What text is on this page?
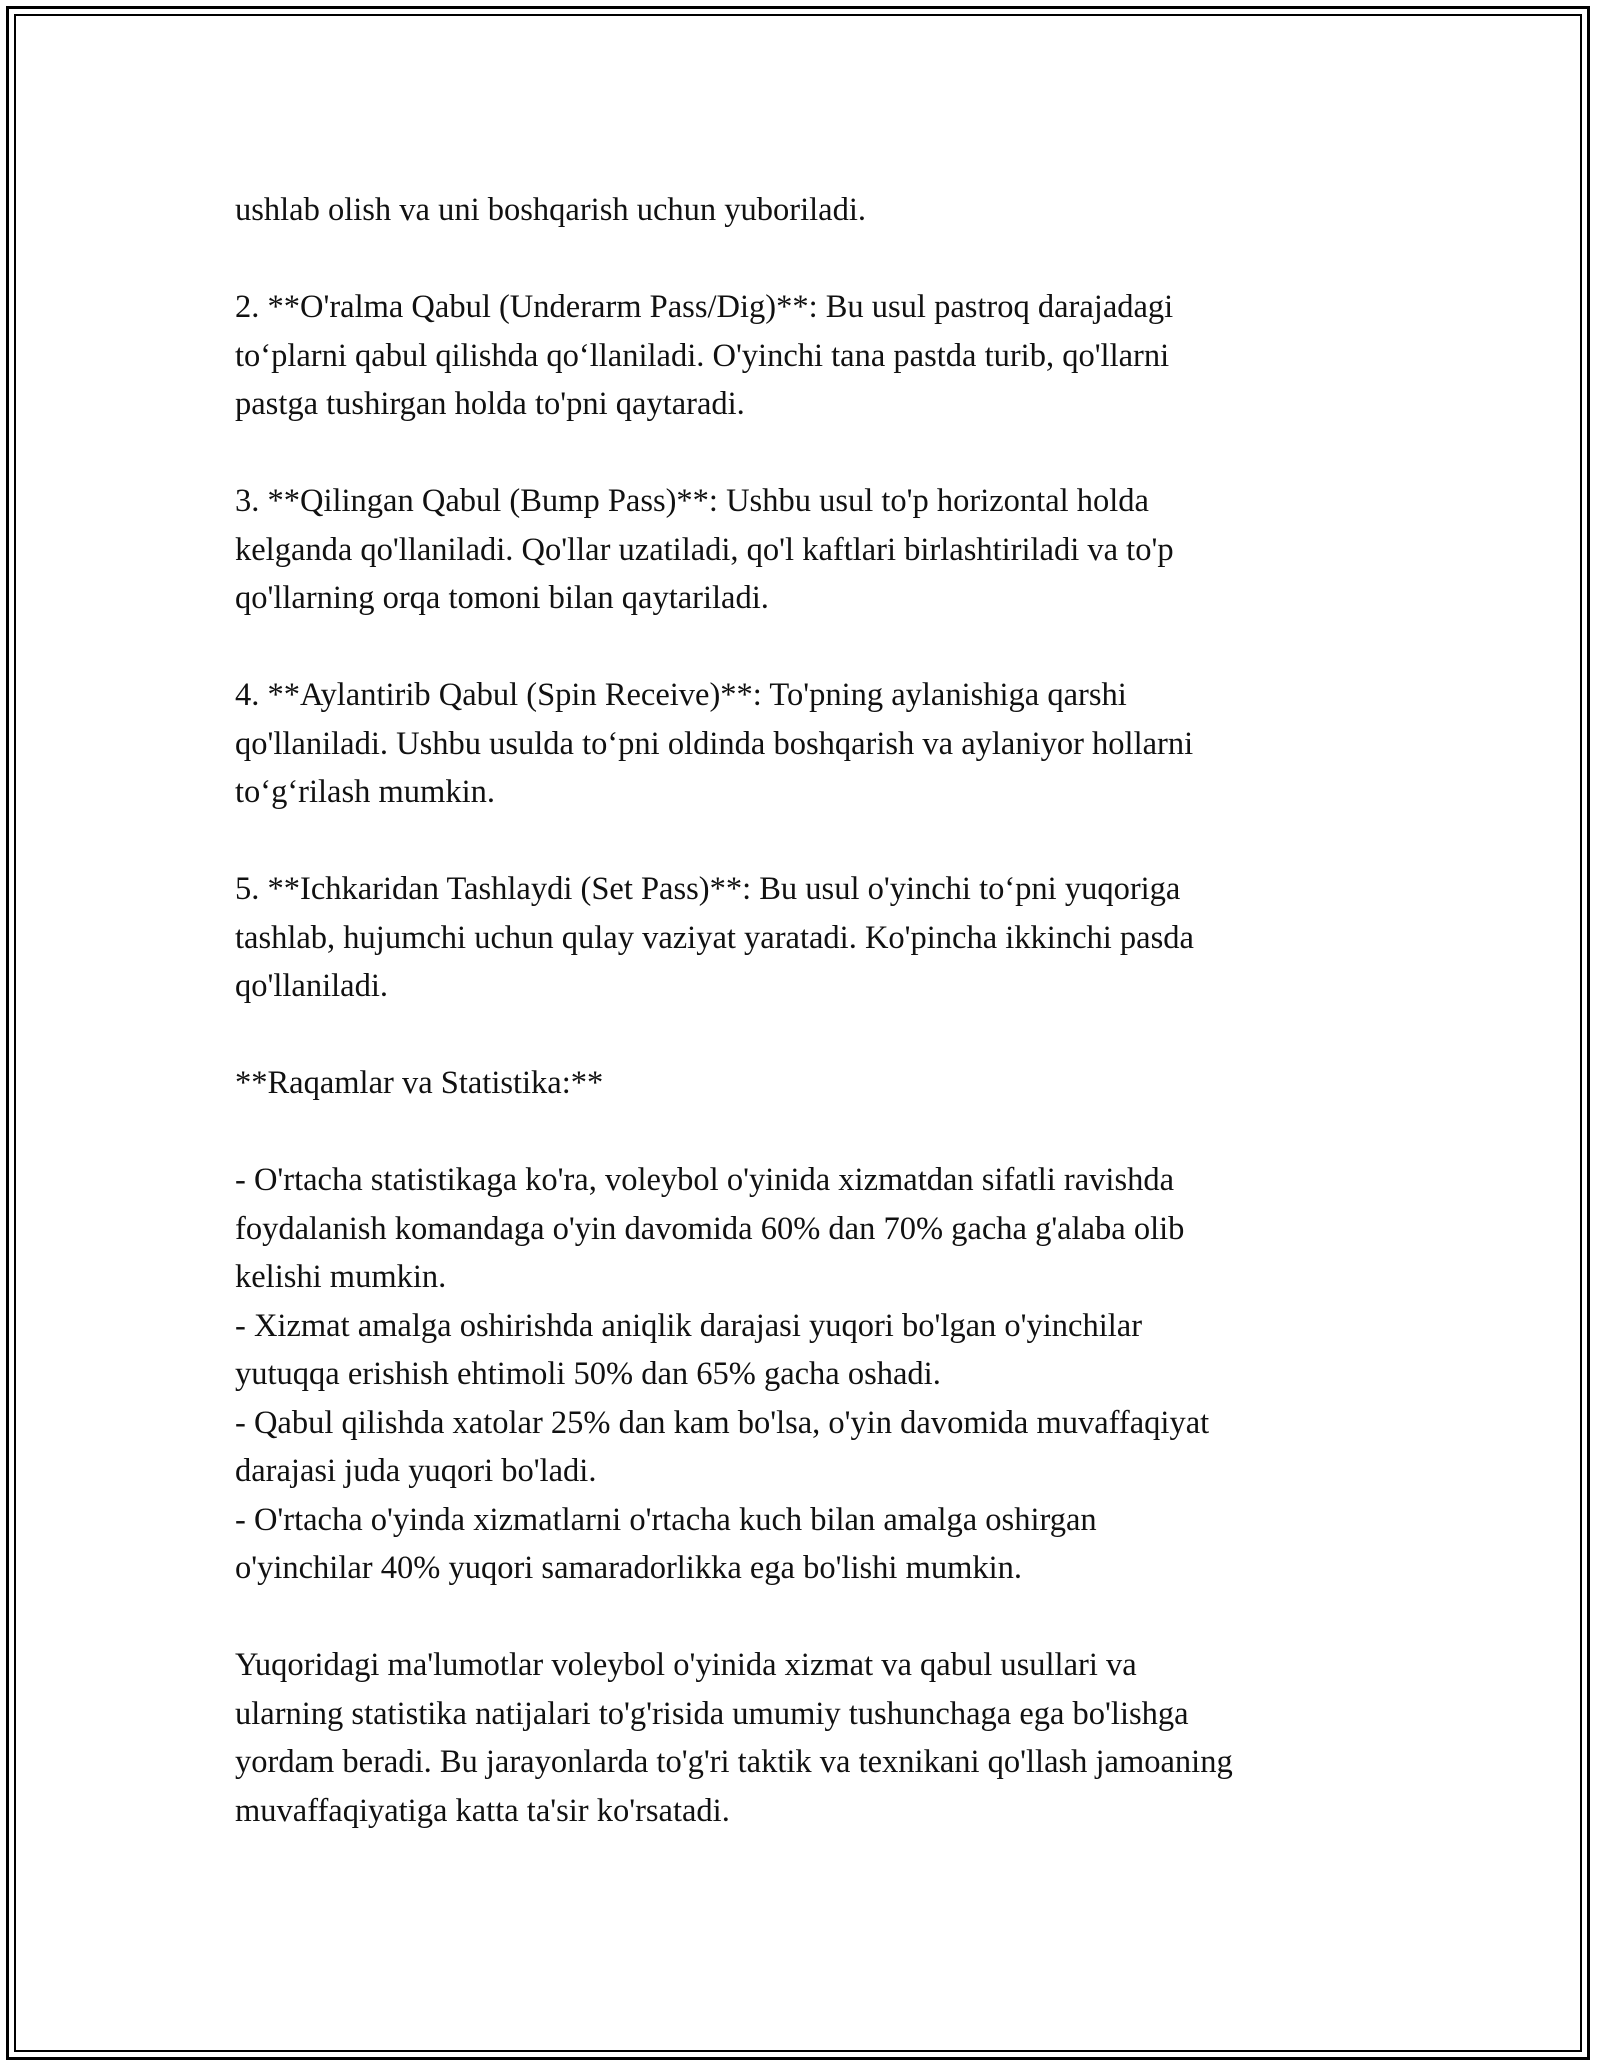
ushlab olish va uni boshqarish uchun yuboriladi.

2. **O'ralma Qabul (Underarm Pass/Dig)**: Bu usul pastroq darajadagi

to‘plarni qabul qilishda qo‘llaniladi. O'yinchi tana pastda turib, qo'llarni

pastga tushirgan holda to'pni qaytaradi.

3. **Qilingan Qabul (Bump Pass)**: Ushbu usul to'p horizontal holda

kelganda qo'llaniladi. Qo'llar uzatiladi, qo'l kaftlari birlashtiriladi va to'p

qo'llarning orqa tomoni bilan qaytariladi.

4. **Aylantirib Qabul (Spin Receive)**: To'pning aylanishiga qarshi

qo'llaniladi. Ushbu usulda to‘pni oldinda boshqarish va aylaniyor hollarni

to‘g‘rilash mumkin.

5. **Ichkaridan Tashlaydi (Set Pass)**: Bu usul o'yinchi to‘pni yuqoriga

tashlab, hujumchi uchun qulay vaziyat yaratadi. Ko'pincha ikkinchi pasda

qo'llaniladi.

**Raqamlar va Statistika:**

- O'rtacha statistikaga ko'ra, voleybol o'yinida xizmatdan sifatli ravishda

foydalanish komandaga o'yin davomida 60% dan 70% gacha g'alaba olib

kelishi mumkin.

- Xizmat amalga oshirishda aniqlik darajasi yuqori bo'lgan o'yinchilar

yutuqqa erishish ehtimoli 50% dan 65% gacha oshadi.

- Qabul qilishda xatolar 25% dan kam bo'lsa, o'yin davomida muvaffaqiyat

darajasi juda yuqori bo'ladi.

- O'rtacha o'yinda xizmatlarni o'rtacha kuch bilan amalga oshirgan

o'yinchilar 40% yuqori samaradorlikka ega bo'lishi mumkin.

Yuqoridagi ma'lumotlar voleybol o'yinida xizmat va qabul usullari va

ularning statistika natijalari to'g'risida umumiy tushunchaga ega bo'lishga

yordam beradi. Bu jarayonlarda to'g'ri taktik va texnikani qo'llash jamoaning

muvaffaqiyatiga katta ta'sir ko'rsatadi.
